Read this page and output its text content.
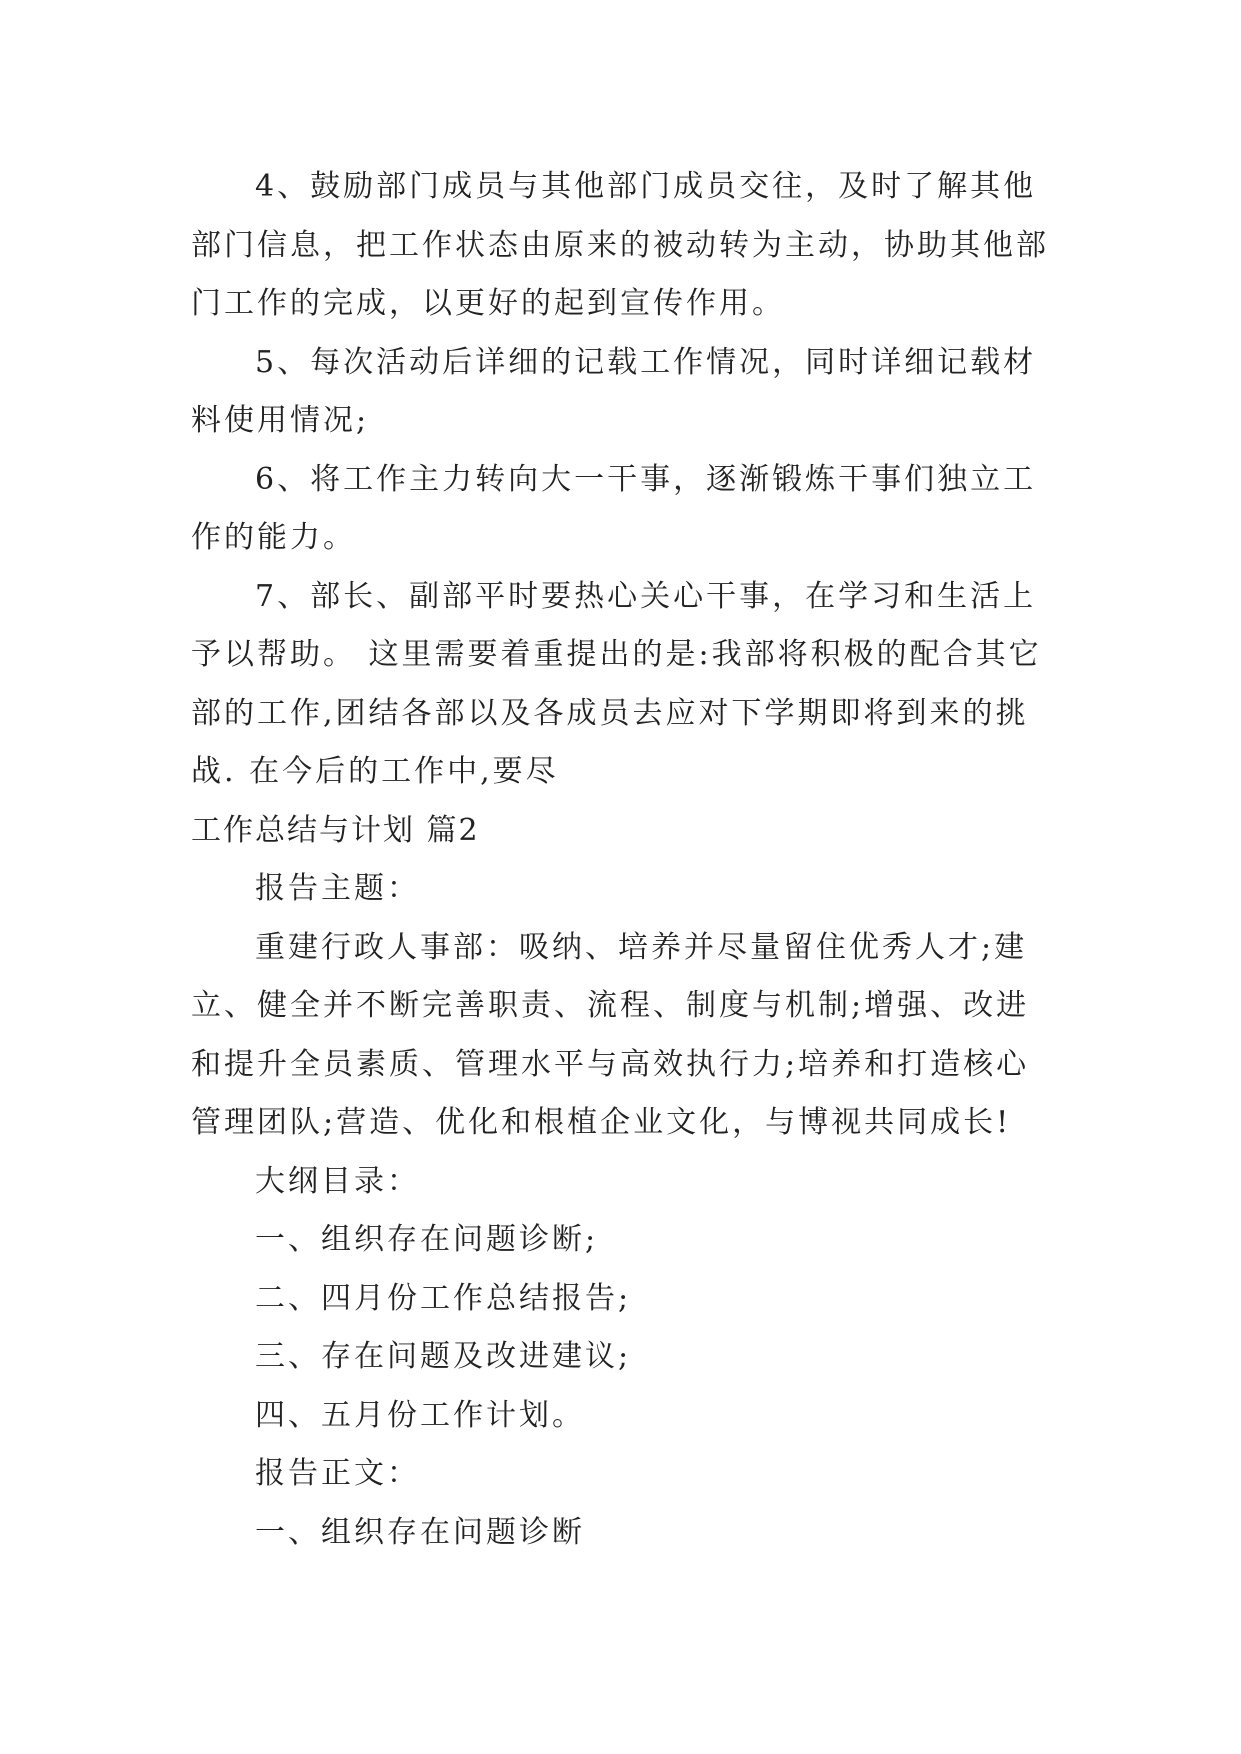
4、鼓励部门成员与其他部门成员交往，及时了解其他部门信息，把工作状态由原来的被动转为主动，协助其他部门工作的完成，以更好的起到宣传作用。

5、每次活动后详细的记载工作情况，同时详细记载材料使用情况;

6、将工作主力转向大一干事，逐渐锻炼干事们独立工作的能力。

7、部长、副部平时要热心关心干事，在学习和生活上予以帮助。 这里需要着重提出的是:我部将积极的配合其它部的工作,团结各部以及各成员去应对下学期即将到来的挑战. 在今后的工作中,要尽

工作总结与计划 篇2

报告主题：

重建行政人事部：吸纳、培养并尽量留住优秀人才;建立、健全并不断完善职责、流程、制度与机制;增强、改进和提升全员素质、管理水平与高效执行力;培养和打造核心管理团队;营造、优化和根植企业文化，与博视共同成长!

大纲目录：

一、组织存在问题诊断;

二、四月份工作总结报告;

三、存在问题及改进建议;

四、五月份工作计划。

报告正文：

一、组织存在问题诊断
